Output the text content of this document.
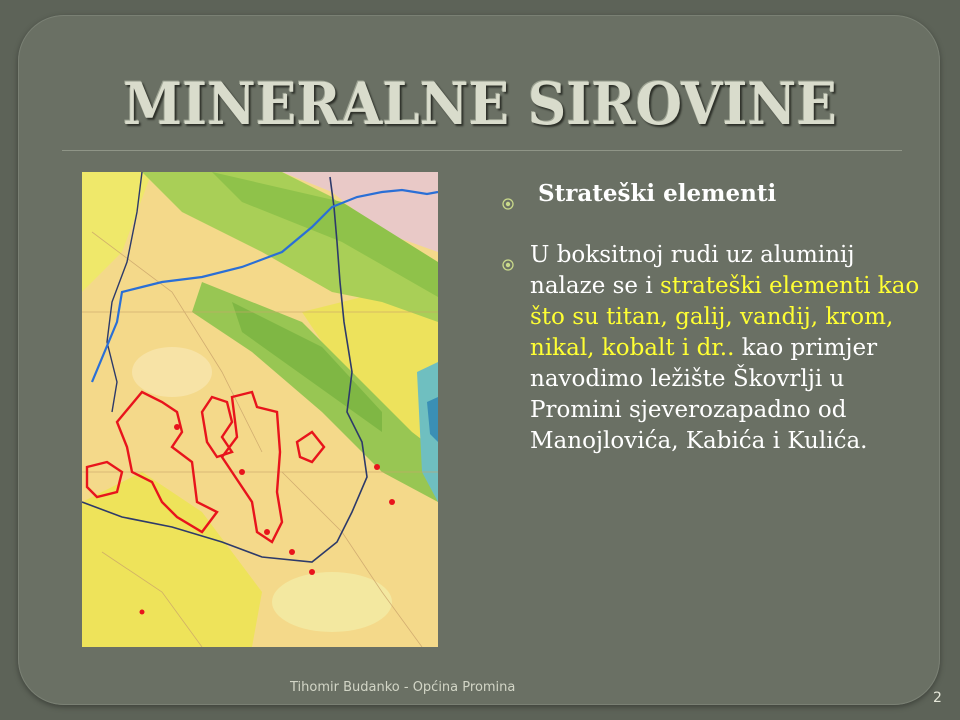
MINERALNE SIROVINE
Strateški elementi
U boksitnoj rudi uz aluminij nalaze se i strateški elementi kao što su titan, galij, vandij, krom, nikal, kobalt i dr.. kao primjer navodimo ležište Škovrlji u Promini sjeverozapadno od Manojlovića, Kabića i Kulića.
Tihomir Budanko - Općina Promina
2
